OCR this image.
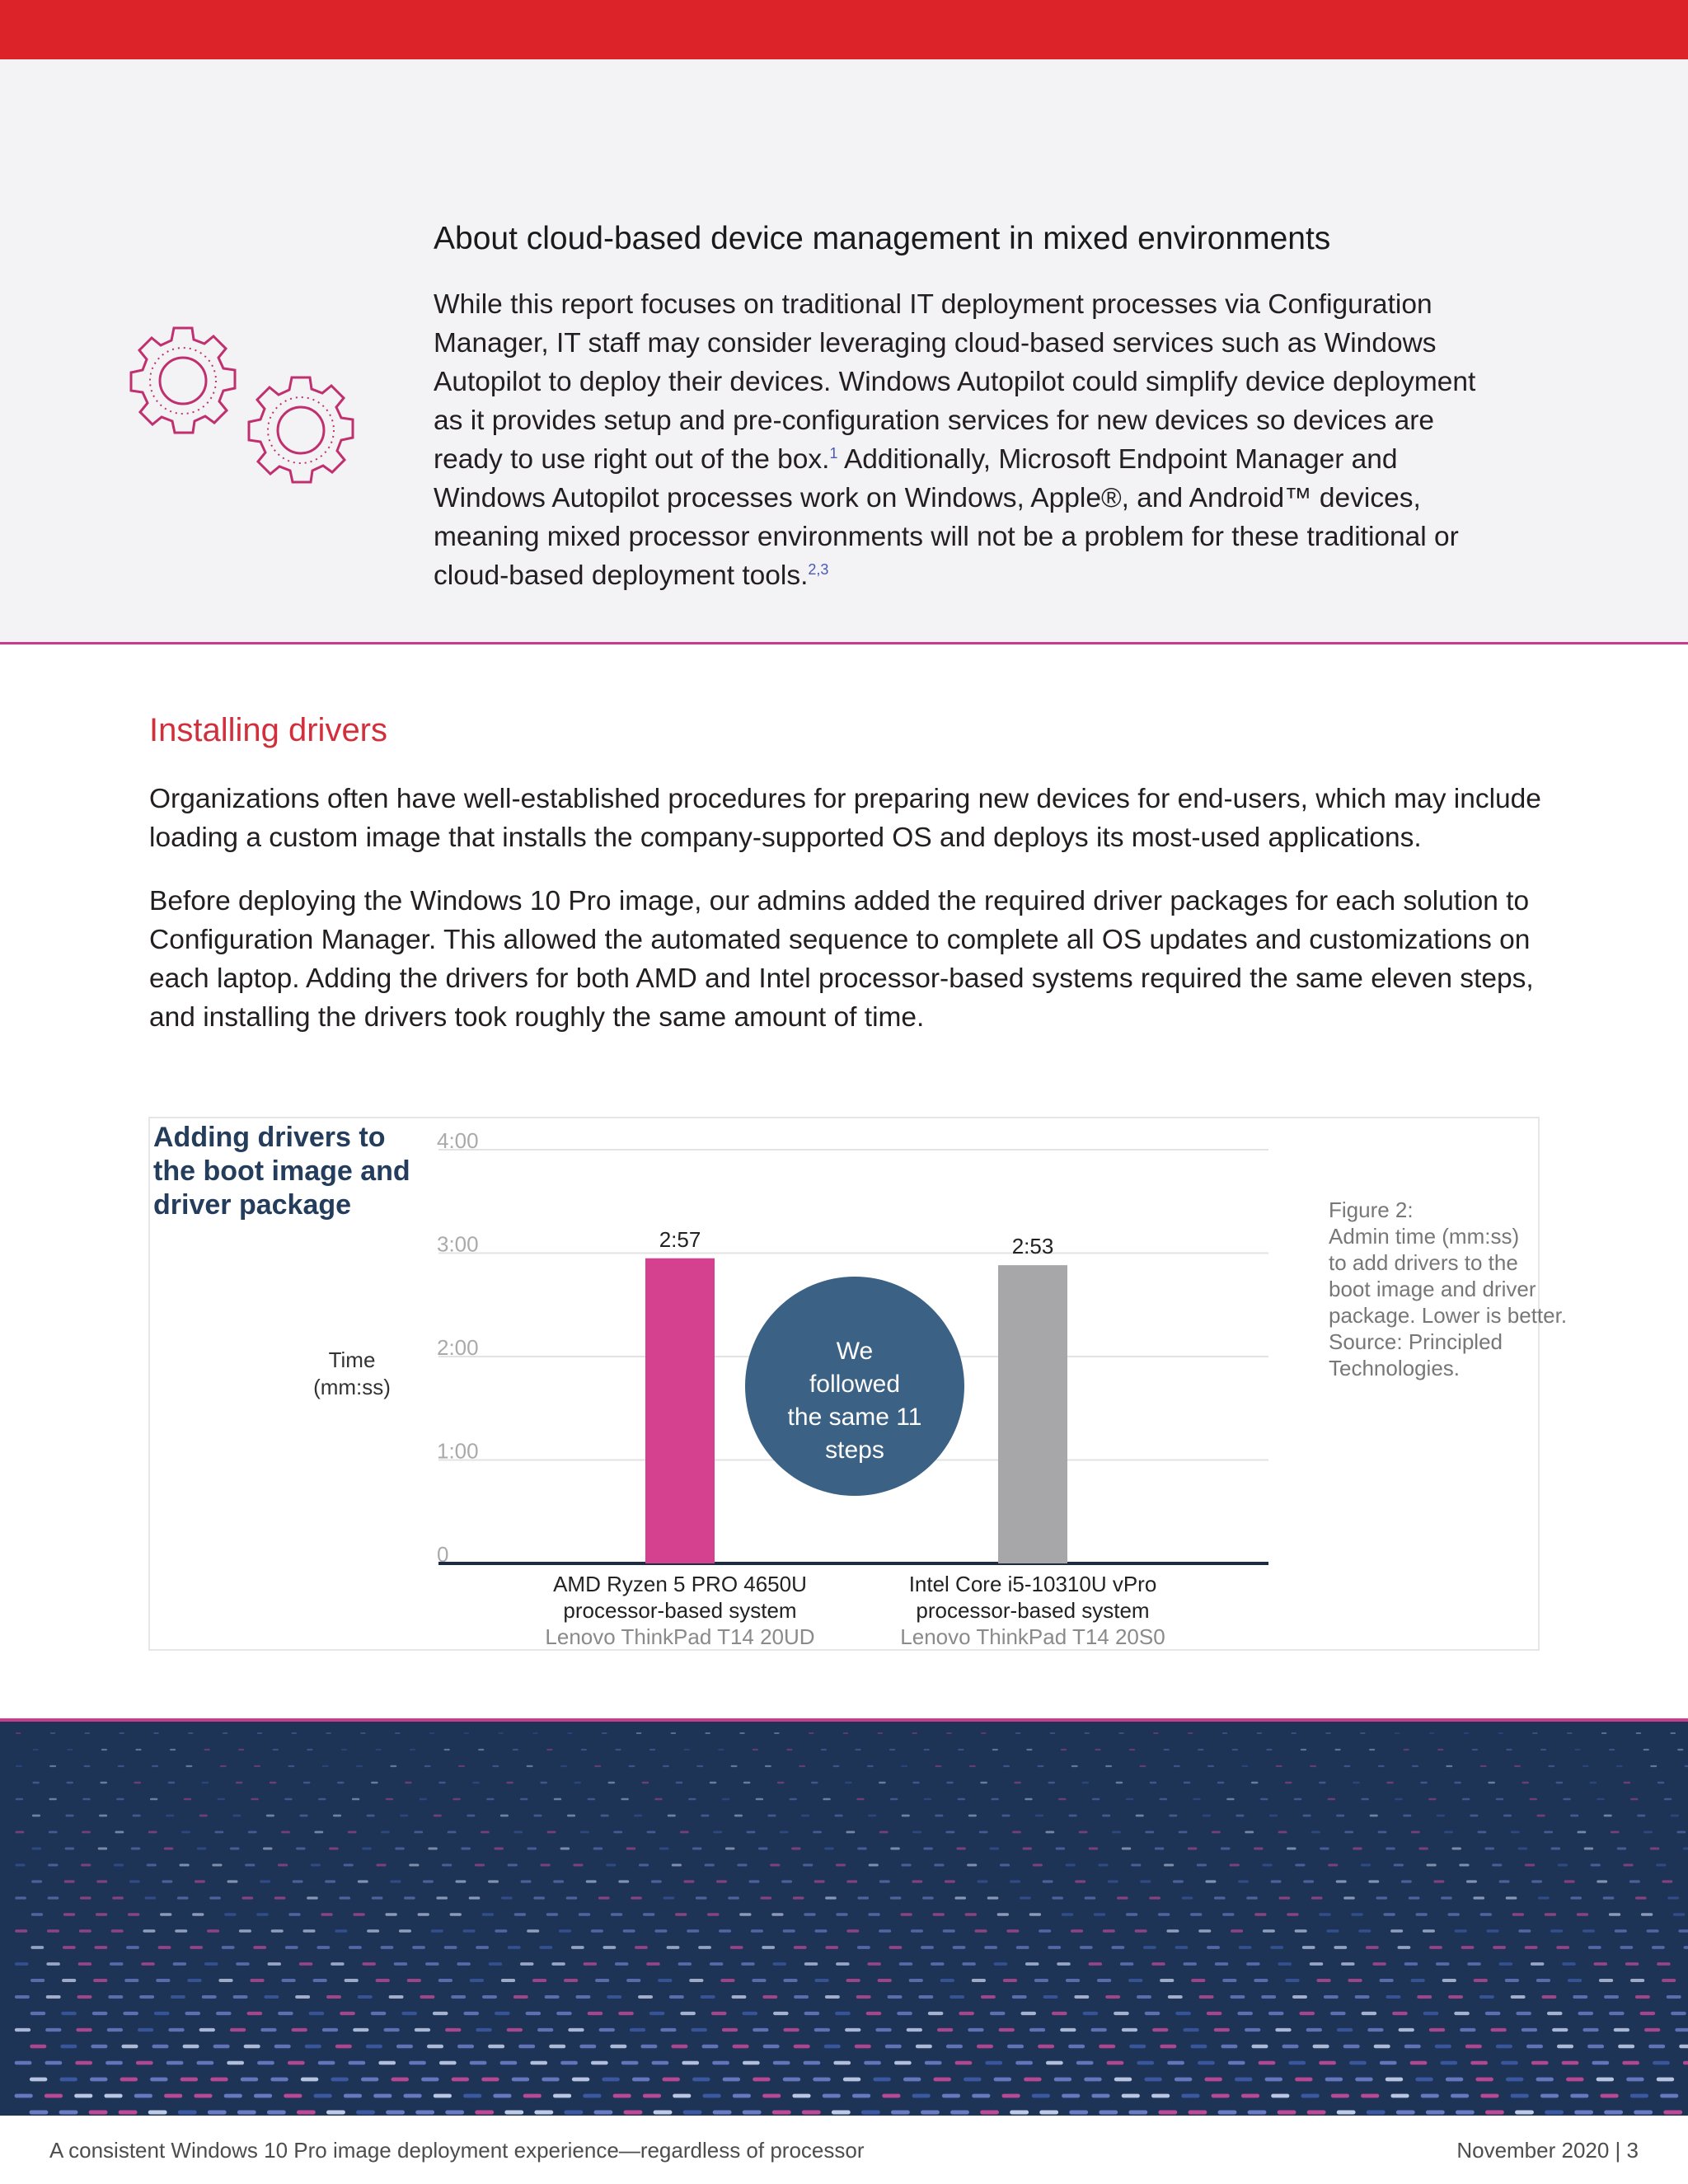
About cloud-based device management in mixed environments
While this report focuses on traditional IT deployment processes via Configuration Manager, IT staff may consider leveraging cloud-based services such as Windows Autopilot to deploy their devices. Windows Autopilot could simplify device deployment as it provides setup and pre-configuration services for new devices so devices are ready to use right out of the box.$^1$ Additionally, Microsoft Endpoint Manager and Windows Autopilot processes work on Windows, Apple®, and Android™ devices, meaning mixed processor environments will not be a problem for these traditional or cloud-based deployment tools.$^{2,3}$
Installing drivers
Organizations often have well-established procedures for preparing new devices for end-users, which may include loading a custom image that installs the company-supported OS and deploys its most-used applications.
Before deploying the Windows 10 Pro image, our admins added the required driver packages for each solution to Configuration Manager. This allowed the automated sequence to complete all OS updates and customizations on each laptop. Adding the drivers for both AMD and Intel processor-based systems required the same eleven steps, and installing the drivers took roughly the same amount of time.
0
1:00
2:00
3:00
4:00
Time
(mm:ss)
2:57
AMD Ryzen 5 PRO 4650U
processor-based system
Lenovo ThinkPad T14 20UD
2:53
Intel Core i5-10310U vPro
processor-based system
Lenovo ThinkPad T14 20S0
We
followed
the same 11
steps
Adding drivers to the boot image and driver package	Figure 2:
Admin time (mm:ss)
to add drivers to the
boot image and driver
package. Lower is better.
Source: Principled
Technologies.
A consistent Windows 10 Pro image deployment experience—regardless of processor	November 2020 | 3
